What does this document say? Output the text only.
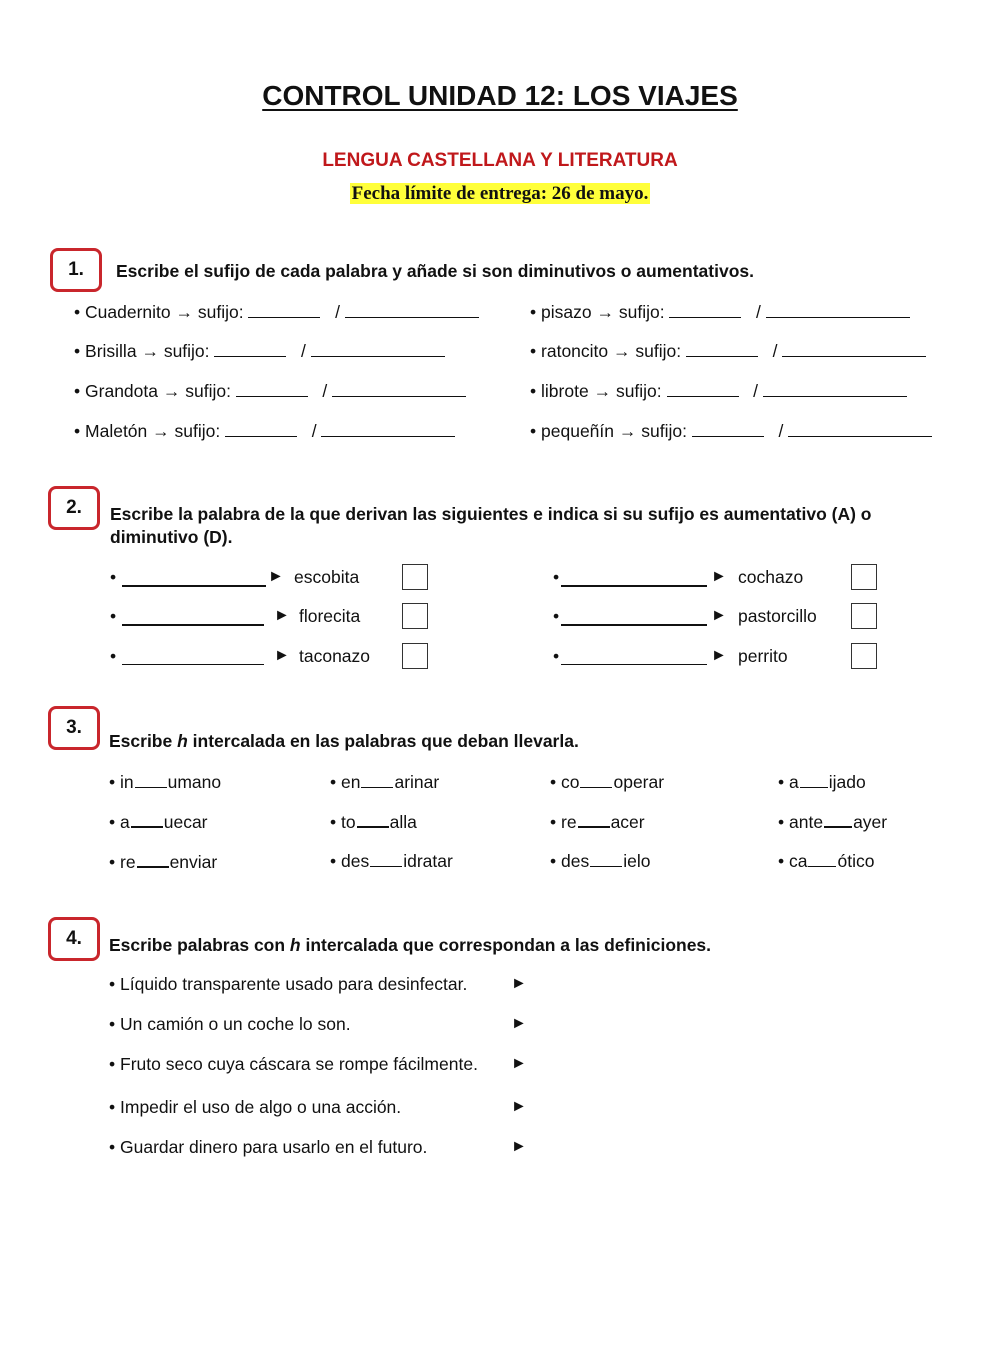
CONTROL UNIDAD 12: LOS VIAJES
LENGUA CASTELLANA Y LITERATURA
Fecha límite de entrega: 26 de mayo.
1.	Escribe el sufijo de cada palabra y añade si son diminutivos o aumentativos.
• Cuadernito → sufijo:	/
• Brisilla → sufijo:	/
• Grandota → sufijo:	/
• Maletón → sufijo:	/
• pisazo → sufijo:	/
• ratoncito → sufijo:	/
• librote → sufijo:	/
• pequeñín → sufijo:	/
2.	Escribe la palabra de la que derivan las siguientes e indica si su sufijo es aumentativo (A) o
diminutivo (D).
•	► escobita
•	► florecita
•	► taconazo
•	► cochazo
•	► pastorcillo
•	► perrito
3.
Escribe h intercalada en las palabras que deban llevarla.
• in umano	• en arinar	• co operar	• a ijado
• a uecar	• to alla	• re acer	• ante ayer
• re enviar	• des idratar	• des ielo	• ca ótico
4.	Escribe palabras con h intercalada que correspondan a las definiciones.
• Líquido transparente usado para desinfectar.	►
• Un camión o un coche lo son.	►
• Fruto seco cuya cáscara se rompe fácilmente. ►
• Impedir el uso de algo o una acción.	►
• Guardar dinero para usarlo en el futuro.	►
